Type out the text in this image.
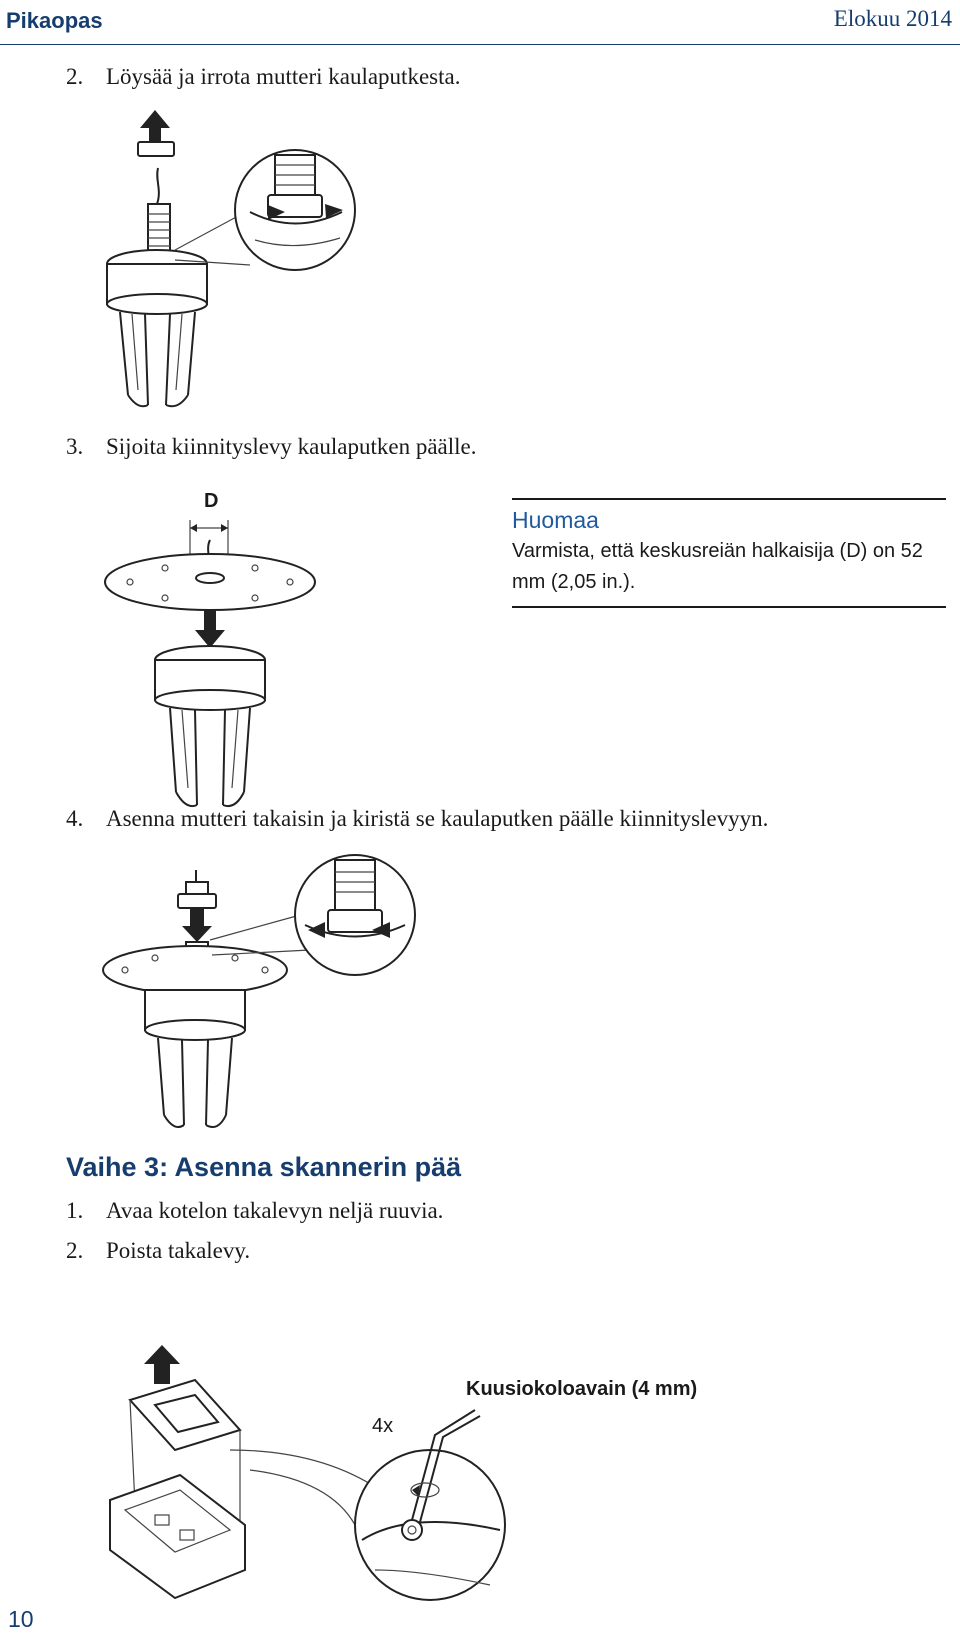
Pikaopas	Elokuu 2014
2. Löysää ja irrota mutteri kaulaputkesta.
3. Sijoita kiinnityslevy kaulaputken päälle.
Huomaa
Varmista, että keskusreiän halkaisija (D) on 52 mm (2,05 in.).
D
4. Asenna mutteri takaisin ja kiristä se kaulaputken päälle kiinnityslevyyn.
Vaihe 3: Asenna skannerin pää
1. Avaa kotelon takalevyn neljä ruuvia.
2. Poista takalevy.
Kuusiokoloavain (4 mm)
4x
10
